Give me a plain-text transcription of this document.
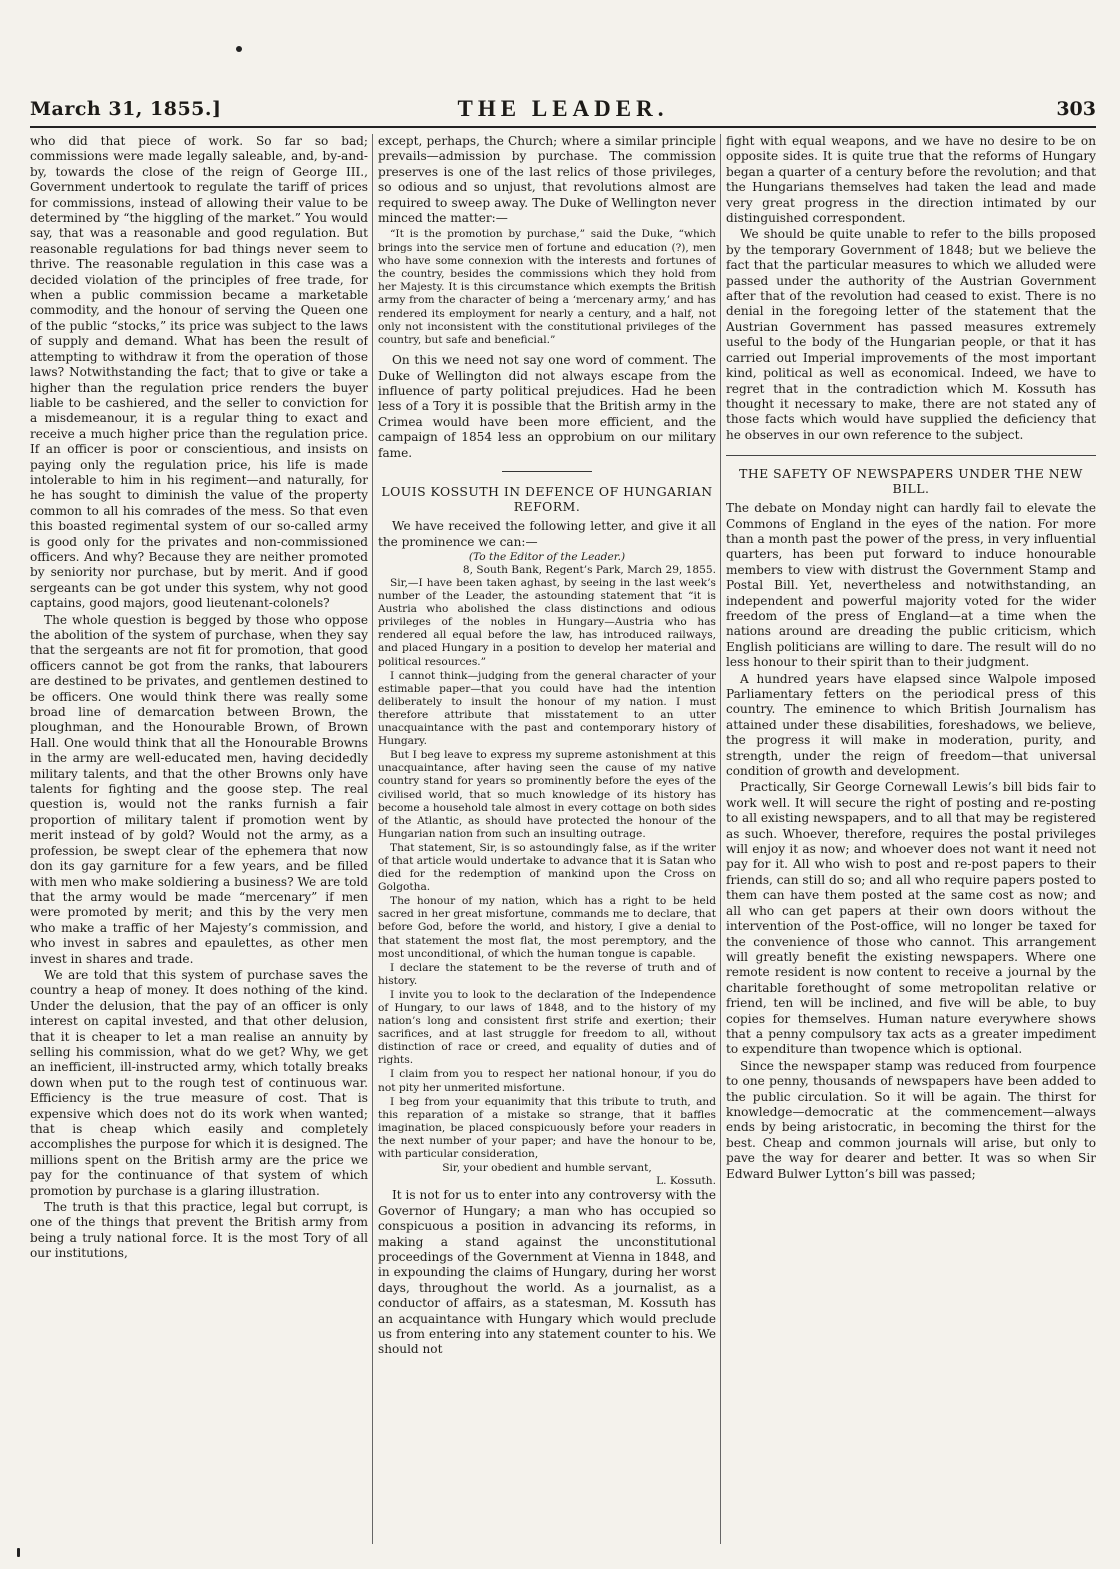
March 31, 1855.]	THE LEADER.	303

who did that piece of work. So far so bad; commissions were made legally saleable, and, by-and-by, towards the close of the reign of George III., Government undertook to regulate the tariff of prices for commissions, instead of allowing their value to be determined by “the higgling of the market.” You would say, that was a reasonable and good regulation. But reasonable regulations for bad things never seem to thrive. The reasonable regulation in this case was a decided violation of the principles of free trade, for when a public commission became a marketable commodity, and the honour of serving the Queen one of the public “stocks,” its price was subject to the laws of supply and demand. What has been the result of attempting to withdraw it from the operation of those laws? Notwithstanding the fact; that to give or take a higher than the regulation price renders the buyer liable to be cashiered, and the seller to conviction for a misdemeanour, it is a regular thing to exact and receive a much higher price than the regulation price. If an officer is poor or conscientious, and insists on paying only the regulation price, his life is made intolerable to him in his regiment—and naturally, for he has sought to diminish the value of the property common to all his comrades of the mess. So that even this boasted regimental system of our so-called army is good only for the privates and non-commissioned officers. And why? Because they are neither promoted by seniority nor purchase, but by merit. And if good sergeants can be got under this system, why not good captains, good majors, good lieutenant-colonels?

The whole question is begged by those who oppose the abolition of the system of purchase, when they say that the sergeants are not fit for promotion, that good officers cannot be got from the ranks, that labourers are destined to be privates, and gentlemen destined to be officers. One would think there was really some broad line of demarcation between Brown, the ploughman, and the Honourable Brown, of Brown Hall. One would think that all the Honourable Browns in the army are well-educated men, having decidedly military talents, and that the other Browns only have talents for fighting and the goose step. The real question is, would not the ranks furnish a fair proportion of military talent if promotion went by merit instead of by gold? Would not the army, as a profession, be swept clear of the ephemera that now don its gay garniture for a few years, and be filled with men who make soldiering a business? We are told that the army would be made “mercenary” if men were promoted by merit; and this by the very men who make a traffic of her Majesty’s commission, and who invest in sabres and epaulettes, as other men invest in shares and trade.

We are told that this system of purchase saves the country a heap of money. It does nothing of the kind. Under the delusion, that the pay of an officer is only interest on capital invested, and that other delusion, that it is cheaper to let a man realise an annuity by selling his commission, what do we get? Why, we get an inefficient, ill-instructed army, which totally breaks down when put to the rough test of continuous war. Efficiency is the true measure of cost. That is expensive which does not do its work when wanted; that is cheap which easily and completely accomplishes the purpose for which it is designed. The millions spent on the British army are the price we pay for the continuance of that system of which promotion by purchase is a glaring illustration.

The truth is that this practice, legal but corrupt, is one of the things that prevent the British army from being a truly national force. It is the most Tory of all our institutions,

except, perhaps, the Church; where a similar principle prevails—admission by purchase. The commission preserves is one of the last relics of those privileges, so odious and so unjust, that revolutions almost are required to sweep away. The Duke of Wellington never minced the matter:—

“It is the promotion by purchase,” said the Duke, “which brings into the service men of fortune and education (?), men who have some connexion with the interests and fortunes of the country, besides the commissions which they hold from her Majesty. It is this circumstance which exempts the British army from the character of being a ‘mercenary army,’ and has rendered its employment for nearly a century, and a half, not only not inconsistent with the constitutional privileges of the country, but safe and beneficial.”

On this we need not say one word of comment. The Duke of Wellington did not always escape from the influence of party political prejudices. Had he been less of a Tory it is possible that the British army in the Crimea would have been more efficient, and the campaign of 1854 less an opprobium on our military fame.

LOUIS KOSSUTH IN DEFENCE OF HUNGARIAN REFORM.

We have received the following letter, and give it all the prominence we can:—

(To the Editor of the Leader.)
8, South Bank, Regent’s Park, March 29, 1855.

Sir,—I have been taken aghast, by seeing in the last week’s number of the Leader, the astounding statement that “it is Austria who abolished the class distinctions and odious privileges of the nobles in Hungary—Austria who has rendered all equal before the law, has introduced railways, and placed Hungary in a position to develop her material and political resources.”

I cannot think—judging from the general character of your estimable paper—that you could have had the intention deliberately to insult the honour of my nation. I must therefore attribute that misstatement to an utter unacquaintance with the past and contemporary history of Hungary.

But I beg leave to express my supreme astonishment at this unacquaintance, after having seen the cause of my native country stand for years so prominently before the eyes of the civilised world, that so much knowledge of its history has become a household tale almost in every cottage on both sides of the Atlantic, as should have protected the honour of the Hungarian nation from such an insulting outrage.

That statement, Sir, is so astoundingly false, as if the writer of that article would undertake to advance that it is Satan who died for the redemption of mankind upon the Cross on Golgotha.

The honour of my nation, which has a right to be held sacred in her great misfortune, commands me to declare, that before God, before the world, and history, I give a denial to that statement the most flat, the most peremptory, and the most unconditional, of which the human tongue is capable.

I declare the statement to be the reverse of truth and of history.

I invite you to look to the declaration of the Independence of Hungary, to our laws of 1848, and to the history of my nation’s long and consistent first strife and exertion; their sacrifices, and at last struggle for freedom to all, without distinction of race or creed, and equality of duties and of rights.

I claim from you to respect her national honour, if you do not pity her unmerited misfortune.

I beg from your equanimity that this tribute to truth, and this reparation of a mistake so strange, that it baffles imagination, be placed conspicuously before your readers in the next number of your paper; and have the honour to be, with particular consideration,

Sir, your obedient and humble servant,
L. Kossuth.

It is not for us to enter into any controversy with the Governor of Hungary; a man who has occupied so conspicuous a position in advancing its reforms, in making a stand against the unconstitutional proceedings of the Government at Vienna in 1848, and in expounding the claims of Hungary, during her worst days, throughout the world. As a journalist, as a conductor of affairs, as a statesman, M. Kossuth has an acquaintance with Hungary which would preclude us from entering into any statement counter to his. We should not

fight with equal weapons, and we have no desire to be on opposite sides. It is quite true that the reforms of Hungary began a quarter of a century before the revolution; and that the Hungarians themselves had taken the lead and made very great progress in the direction intimated by our distinguished correspondent.

We should be quite unable to refer to the bills proposed by the temporary Government of 1848; but we believe the fact that the particular measures to which we alluded were passed under the authority of the Austrian Government after that of the revolution had ceased to exist. There is no denial in the foregoing letter of the statement that the Austrian Government has passed measures extremely useful to the body of the Hungarian people, or that it has carried out Imperial improvements of the most important kind, political as well as economical. Indeed, we have to regret that in the contradiction which M. Kossuth has thought it necessary to make, there are not stated any of those facts which would have supplied the deficiency that he observes in our own reference to the subject.

THE SAFETY OF NEWSPAPERS UNDER THE NEW BILL.

The debate on Monday night can hardly fail to elevate the Commons of England in the eyes of the nation. For more than a month past the power of the press, in very influential quarters, has been put forward to induce honourable members to view with distrust the Government Stamp and Postal Bill. Yet, nevertheless and notwithstanding, an independent and powerful majority voted for the wider freedom of the press of England—at a time when the nations around are dreading the public criticism, which English politicians are willing to dare. The result will do no less honour to their spirit than to their judgment.

A hundred years have elapsed since Walpole imposed Parliamentary fetters on the periodical press of this country. The eminence to which British Journalism has attained under these disabilities, foreshadows, we believe, the progress it will make in moderation, purity, and strength, under the reign of freedom—that universal condition of growth and development.

Practically, Sir George Cornewall Lewis’s bill bids fair to work well. It will secure the right of posting and re-posting to all existing newspapers, and to all that may be registered as such. Whoever, therefore, requires the postal privileges will enjoy it as now; and whoever does not want it need not pay for it. All who wish to post and re-post papers to their friends, can still do so; and all who require papers posted to them can have them posted at the same cost as now; and all who can get papers at their own doors without the intervention of the Post-office, will no longer be taxed for the convenience of those who cannot. This arrangement will greatly benefit the existing newspapers. Where one remote resident is now content to receive a journal by the charitable forethought of some metropolitan relative or friend, ten will be inclined, and five will be able, to buy copies for themselves. Human nature everywhere shows that a penny compulsory tax acts as a greater impediment to expenditure than twopence which is optional.

Since the newspaper stamp was reduced from fourpence to one penny, thousands of newspapers have been added to the public circulation. So it will be again. The thirst for knowledge—democratic at the commencement—always ends by being aristocratic, in becoming the thirst for the best. Cheap and common journals will arise, but only to pave the way for dearer and better. It was so when Sir Edward Bulwer Lytton’s bill was passed;
